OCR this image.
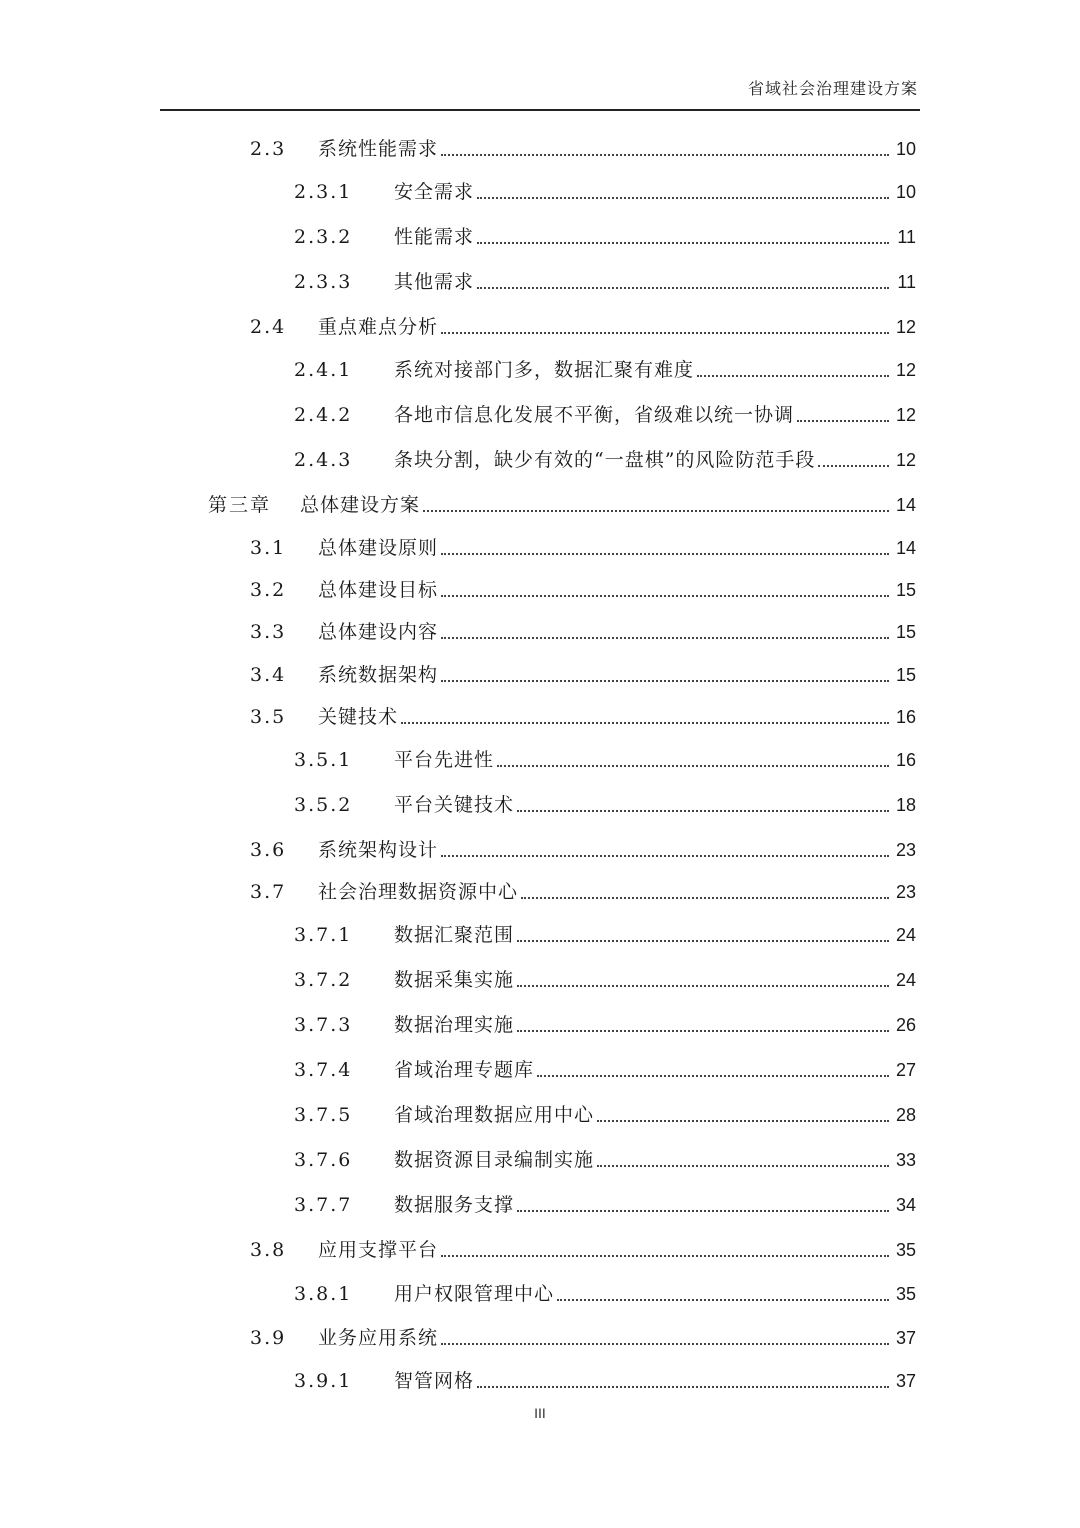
省域社会治理建设方案
2.3	系统性能需求	10
2.3.1	安全需求	10
2.3.2	性能需求	11
2.3.3	其他需求	11
2.4	重点难点分析	12
2.4.1	系统对接部门多，数据汇聚有难度	12
2.4.2	各地市信息化发展不平衡，省级难以统一协调	12
2.4.3	条块分割，缺少有效的“一盘棋”的风险防范手段	12
第三章	总体建设方案	14
3.1	总体建设原则	14
3.2	总体建设目标	15
3.3	总体建设内容	15
3.4	系统数据架构	15
3.5	关键技术	16
3.5.1	平台先进性	16
3.5.2	平台关键技术	18
3.6	系统架构设计	23
3.7	社会治理数据资源中心	23
3.7.1	数据汇聚范围	24
3.7.2	数据采集实施	24
3.7.3	数据治理实施	26
3.7.4	省域治理专题库	27
3.7.5	省域治理数据应用中心	28
3.7.6	数据资源目录编制实施	33
3.7.7	数据服务支撑	34
3.8	应用支撑平台	35
3.8.1	用户权限管理中心	35
3.9	业务应用系统	37
3.9.1	智管网格	37
III
